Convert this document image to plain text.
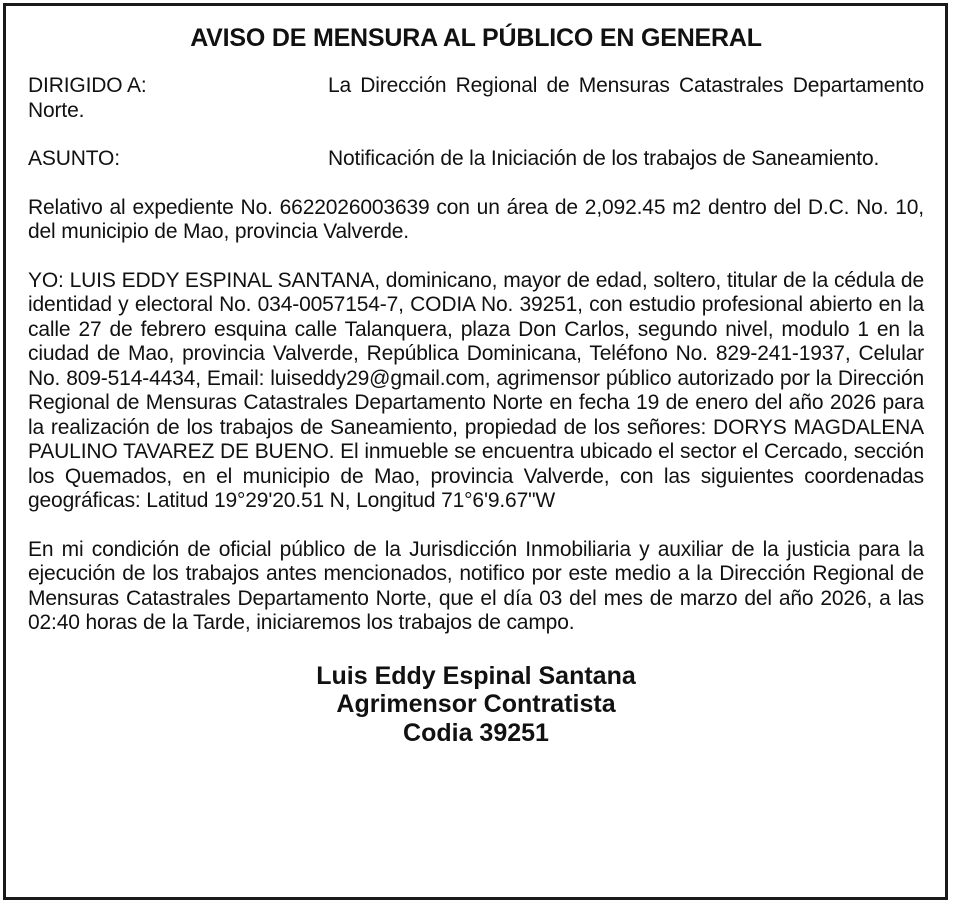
AVISO DE MENSURA AL PÚBLICO EN GENERAL

DIRIGIDO A:	La Dirección Regional de Mensuras Catastrales Departamento Norte.

ASUNTO:	Notificación de la Iniciación de los trabajos de Saneamiento.

Relativo al expediente No. 6622026003639 con un área de 2,092.45 m2 dentro del D.C. No. 10, del municipio de Mao, provincia Valverde.

YO: LUIS EDDY ESPINAL SANTANA, dominicano, mayor de edad, soltero, titular de la cédula de identidad y electoral No. 034-0057154-7, CODIA No. 39251, con estudio profesional abierto en la calle 27 de febrero esquina calle Talanquera, plaza Don Carlos, segundo nivel, modulo 1 en la ciudad de Mao, provincia Valverde, República Dominicana, Teléfono No. 829-241-1937, Celular No. 809-514-4434, Email: luiseddy29@gmail.com, agrimensor público autorizado por la Dirección Regional de Mensuras Catastrales Departamento Norte en fecha 19 de enero del año 2026 para la realización de los trabajos de Saneamiento, propiedad de los señores: DORYS MAGDALENA PAULINO TAVAREZ DE BUENO. El inmueble se encuentra ubicado el sector el Cercado, sección los Quemados, en el municipio de Mao, provincia Valverde, con las siguientes coordenadas geográficas: Latitud 19°29'20.51 N, Longitud 71°6'9.67"W

En mi condición de oficial público de la Jurisdicción Inmobiliaria y auxiliar de la justicia para la ejecución de los trabajos antes mencionados, notifico por este medio a la Dirección Regional de Mensuras Catastrales Departamento Norte, que el día 03 del mes de marzo del año 2026, a las 02:40 horas de la Tarde, iniciaremos los trabajos de campo.

Luis Eddy Espinal Santana
Agrimensor Contratista
Codia 39251
